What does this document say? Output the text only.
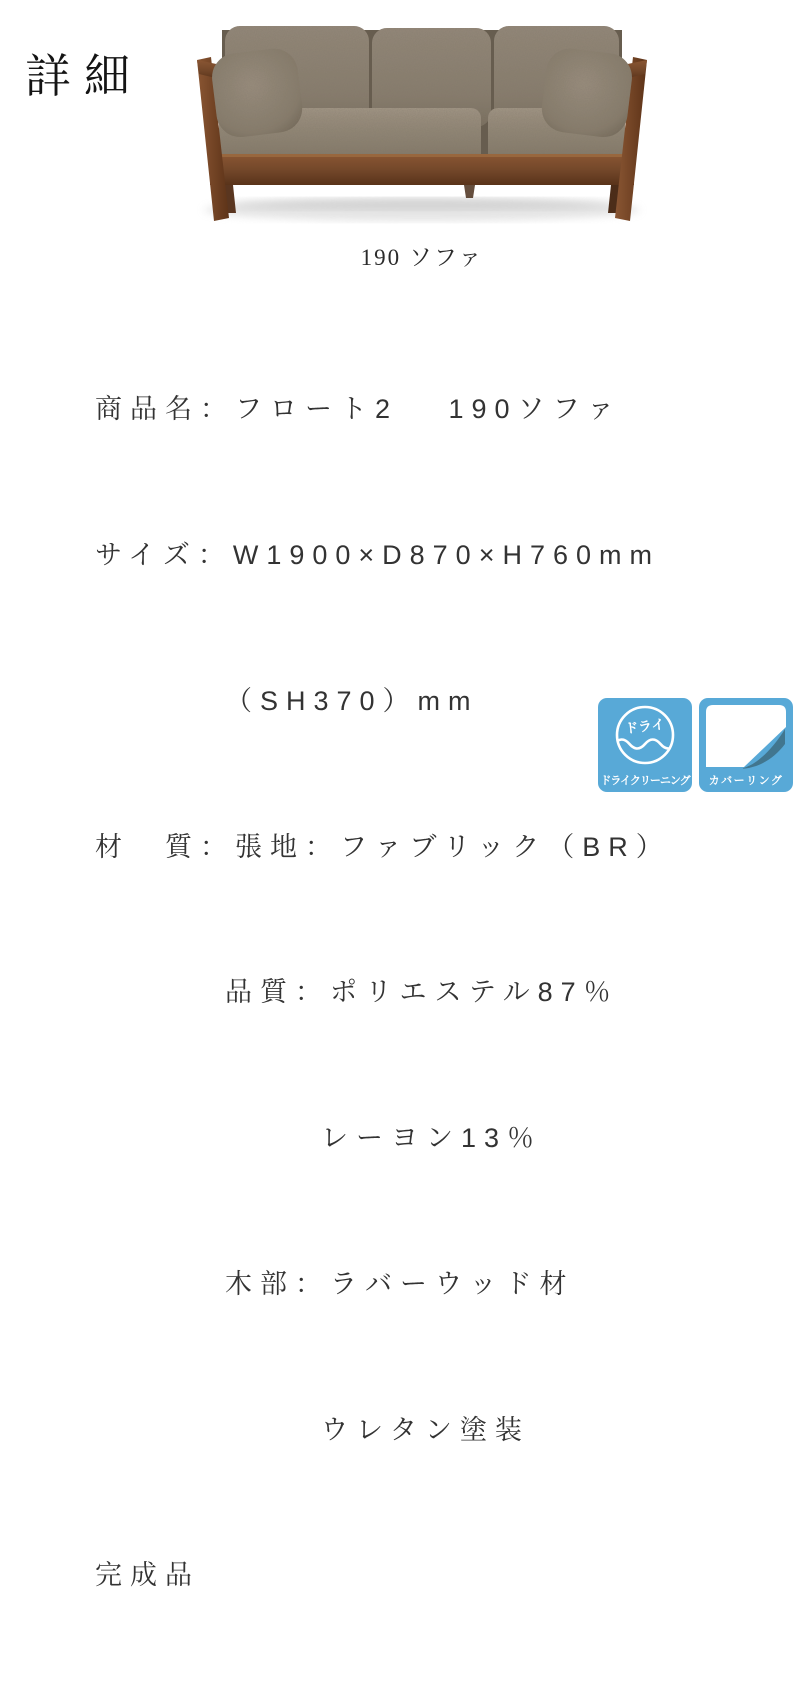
詳細
190 ソファ

商品名：フロート2　 190ソファ

サイズ：W1900×D870×H760mm

（SH370）mm

材　質：張地：ファブリック（BR）

品質：ポリエステル87％

レーヨン13％

木部：ラバーウッド材

ウレタン塗装

完成品

ドライ
ドライクリーニング	カバーリング
